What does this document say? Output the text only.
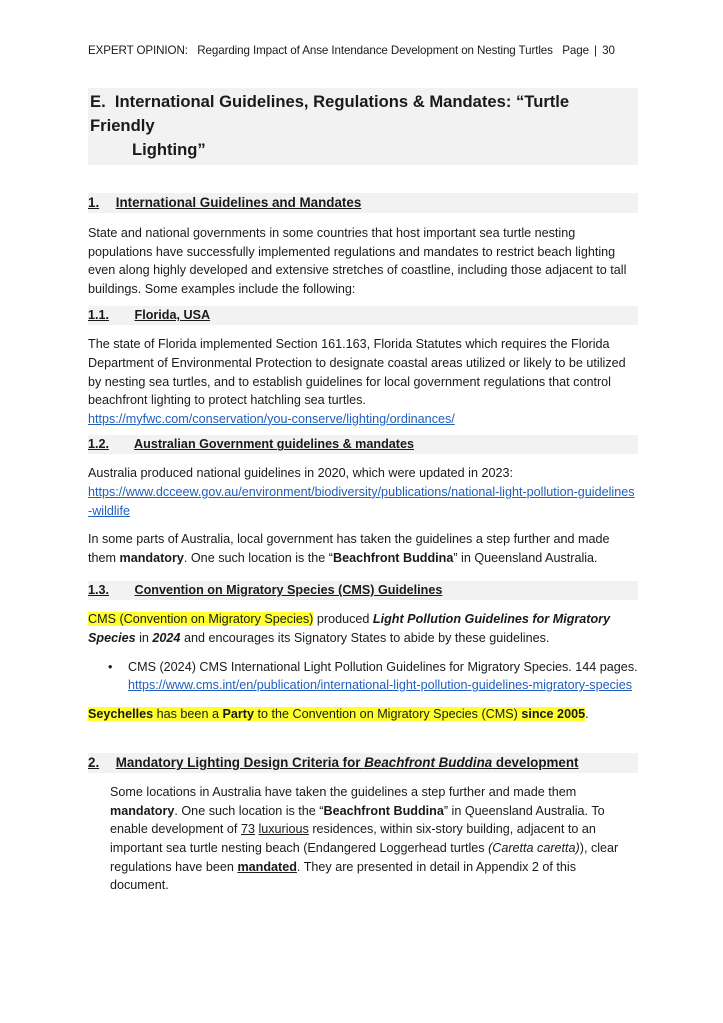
EXPERT OPINION: Regarding Impact of Anse Intendance Development on Nesting Turtles Page | 30
E. International Guidelines, Regulations & Mandates: “Turtle Friendly
Lighting”
1. International Guidelines and Mandates

State and national governments in some countries that host important sea turtle nesting populations have successfully implemented regulations and mandates to restrict beach lighting even along highly developed and extensive stretches of coastline, including those adjacent to tall buildings. Some examples include the following:

1.1. Florida, USA

The state of Florida implemented Section 161.163, Florida Statutes which requires the Florida Department of Environmental Protection to designate coastal areas utilized or likely to be utilized by nesting sea turtles, and to establish guidelines for local government regulations that control beachfront lighting to protect hatchling sea turtles.
https://myfwc.com/conservation/you-conserve/lighting/ordinances/

1.2. Australian Government guidelines & mandates

Australia produced national guidelines in 2020, which were updated in 2023:
https://www.dcceew.gov.au/environment/biodiversity/publications/national-light-pollution-guidelines-wildlife

In some parts of Australia, local government has taken the guidelines a step further and made them mandatory. One such location is the “Beachfront Buddina” in Queensland Australia.

1.3. Convention on Migratory Species (CMS) Guidelines

CMS (Convention on Migratory Species) produced Light Pollution Guidelines for Migratory Species in 2024 and encourages its Signatory States to abide by these guidelines.

•	CMS (2024) CMS International Light Pollution Guidelines for Migratory Species. 144 pages. https://www.cms.int/en/publication/international-light-pollution-guidelines-migratory-species

Seychelles has been a Party to the Convention on Migratory Species (CMS) since 2005.

2. Mandatory Lighting Design Criteria for Beachfront Buddina development

Some locations in Australia have taken the guidelines a step further and made them mandatory. One such location is the “Beachfront Buddina” in Queensland Australia. To enable development of 73 luxurious residences, within six-story building, adjacent to an important sea turtle nesting beach (Endangered Loggerhead turtles (Caretta caretta)), clear regulations have been mandated. They are presented in detail in Appendix 2 of this document.
